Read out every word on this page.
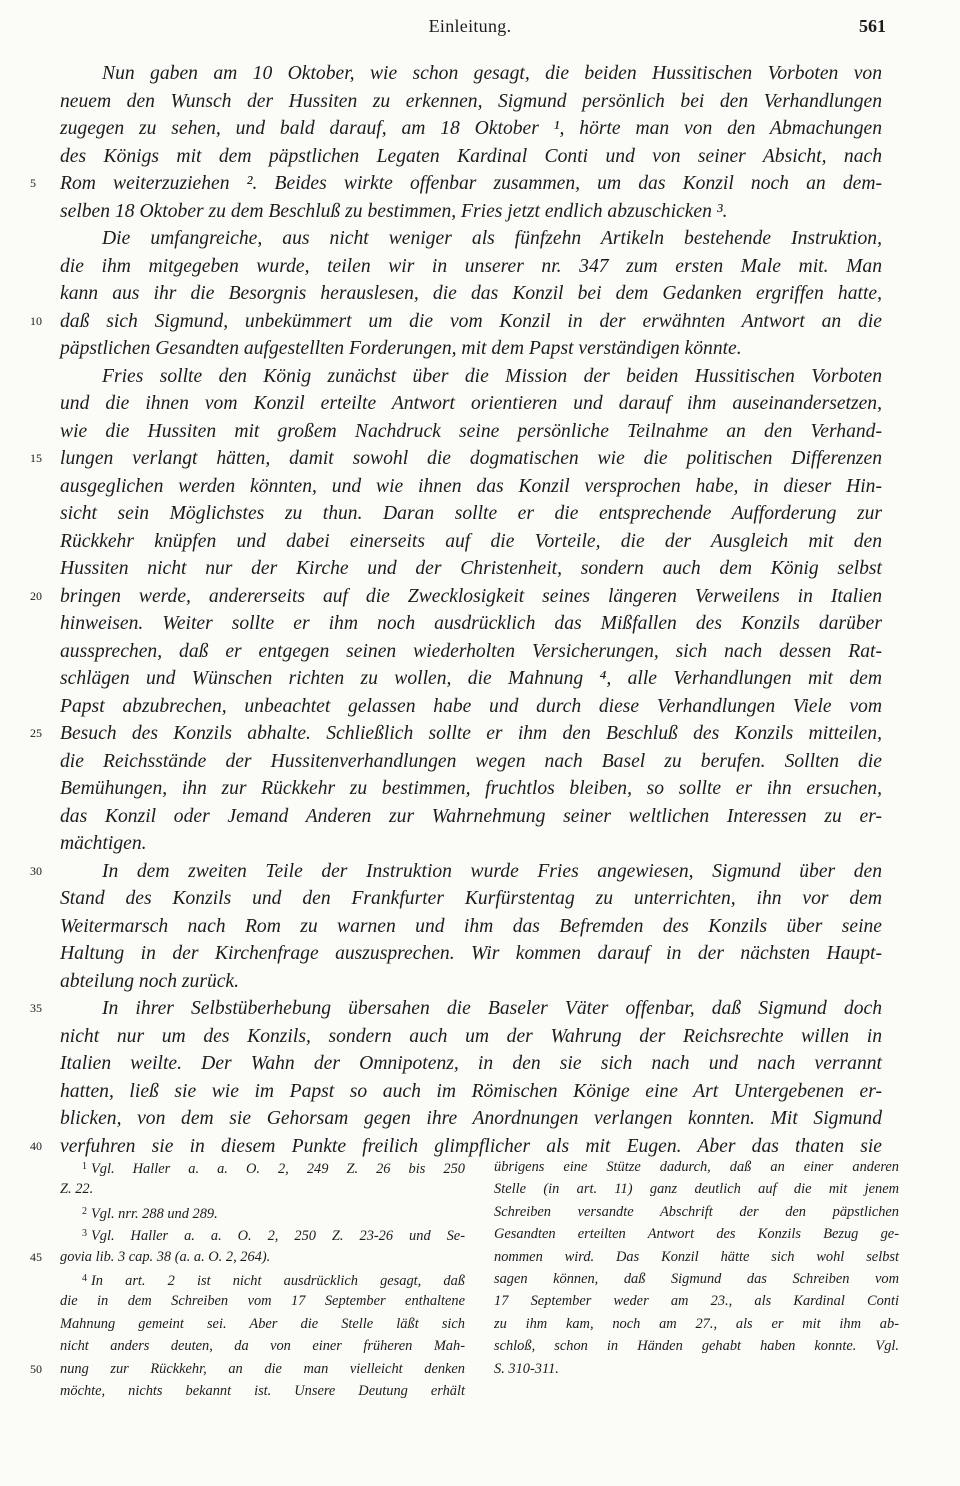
Einleitung.	561
Nun gaben am 10 Oktober, wie schon gesagt, die beiden Hussitischen Vorboten von
neuem den Wunsch der Hussiten zu erkennen, Sigmund persönlich bei den Verhandlungen
zugegen zu sehen, und bald darauf, am 18 Oktober ¹, hörte man von den Abmachungen
des Königs mit dem päpstlichen Legaten Kardinal Conti und von seiner Absicht, nach
5	Rom weiterzuziehen ². Beides wirkte offenbar zusammen, um das Konzil noch an dem-
selben 18 Oktober zu dem Beschluß zu bestimmen, Fries jetzt endlich abzuschicken ³.
Die umfangreiche, aus nicht weniger als fünfzehn Artikeln bestehende Instruktion,
die ihm mitgegeben wurde, teilen wir in unserer nr. 347 zum ersten Male mit. Man
kann aus ihr die Besorgnis herauslesen, die das Konzil bei dem Gedanken ergriffen hatte,
10 daß sich Sigmund, unbekümmert um die vom Konzil in der erwähnten Antwort an die
päpstlichen Gesandten aufgestellten Forderungen, mit dem Papst verständigen könnte.
Fries sollte den König zunächst über die Mission der beiden Hussitischen Vorboten
und die ihnen vom Konzil erteilte Antwort orientieren und darauf ihm auseinandersetzen,
wie die Hussiten mit großem Nachdruck seine persönliche Teilnahme an den Verhand-
15 lungen verlangt hätten, damit sowohl die dogmatischen wie die politischen Differenzen
ausgeglichen werden könnten, und wie ihnen das Konzil versprochen habe, in dieser Hin-
sicht sein Möglichstes zu thun. Daran sollte er die entsprechende Aufforderung zur
Rückkehr knüpfen und dabei einerseits auf die Vorteile, die der Ausgleich mit den
Hussiten nicht nur der Kirche und der Christenheit, sondern auch dem König selbst
20 bringen werde, andererseits auf die Zwecklosigkeit seines längeren Verweilens in Italien
hinweisen. Weiter sollte er ihm noch ausdrücklich das Mißfallen des Konzils darüber
aussprechen, daß er entgegen seinen wiederholten Versicherungen, sich nach dessen Rat-
schlägen und Wünschen richten zu wollen, die Mahnung ⁴, alle Verhandlungen mit dem
Papst abzubrechen, unbeachtet gelassen habe und durch diese Verhandlungen Viele vom
25 Besuch des Konzils abhalte. Schließlich sollte er ihm den Beschluß des Konzils mitteilen,
die Reichsstände der Hussitenverhandlungen wegen nach Basel zu berufen. Sollten die
Bemühungen, ihn zur Rückkehr zu bestimmen, fruchtlos bleiben, so sollte er ihn ersuchen,
das Konzil oder Jemand Anderen zur Wahrnehmung seiner weltlichen Interessen zu er-
mächtigen.
30	In dem zweiten Teile der Instruktion wurde Fries angewiesen, Sigmund über den
Stand des Konzils und den Frankfurter Kurfürstentag zu unterrichten, ihn vor dem
Weitermarsch nach Rom zu warnen und ihm das Befremden des Konzils über seine
Haltung in der Kirchenfrage auszusprechen. Wir kommen darauf in der nächsten Haupt-
abteilung noch zurück.
35	In ihrer Selbstüberhebung übersahen die Baseler Väter offenbar, daß Sigmund doch
nicht nur um des Konzils, sondern auch um der Wahrung der Reichsrechte willen in
Italien weilte. Der Wahn der Omnipotenz, in den sie sich nach und nach verrannt
hatten, ließ sie wie im Papst so auch im Römischen Könige eine Art Untergebenen er-
blicken, von dem sie Gehorsam gegen ihre Anordnungen verlangen konnten. Mit Sigmund
40 verfuhren sie in diesem Punkte freilich glimpflicher als mit Eugen. Aber das thaten sie
$^1$ Vgl. Haller a. a. O. 2, 249 Z. 26 bis 250
Z. 22.
$^2$ Vgl. nrr. 288 und 289.
$^3$ Vgl. Haller a. a. O. 2, 250 Z. 23-26 und Se-
45	govia lib. 3 cap. 38 (a. a. O. 2, 264).
$^4$ In art. 2 ist nicht ausdrücklich gesagt, daß
die in dem Schreiben vom 17 September enthaltene
Mahnung gemeint sei. Aber die Stelle läßt sich
nicht anders deuten, da von einer früheren Mah-
50	nung zur Rückkehr, an die man vielleicht denken
möchte, nichts bekannt ist. Unsere Deutung erhält
übrigens eine Stütze dadurch, daß an einer anderen
Stelle (in art. 11) ganz deutlich auf die mit jenem
Schreiben versandte Abschrift der den päpstlichen
Gesandten erteilten Antwort des Konzils Bezug ge-
nommen wird. Das Konzil hätte sich wohl selbst
sagen können, daß Sigmund das Schreiben vom
17 September weder am 23., als Kardinal Conti
zu ihm kam, noch am 27., als er mit ihm ab-
schloß, schon in Händen gehabt haben konnte. Vgl.
S. 310-311.
